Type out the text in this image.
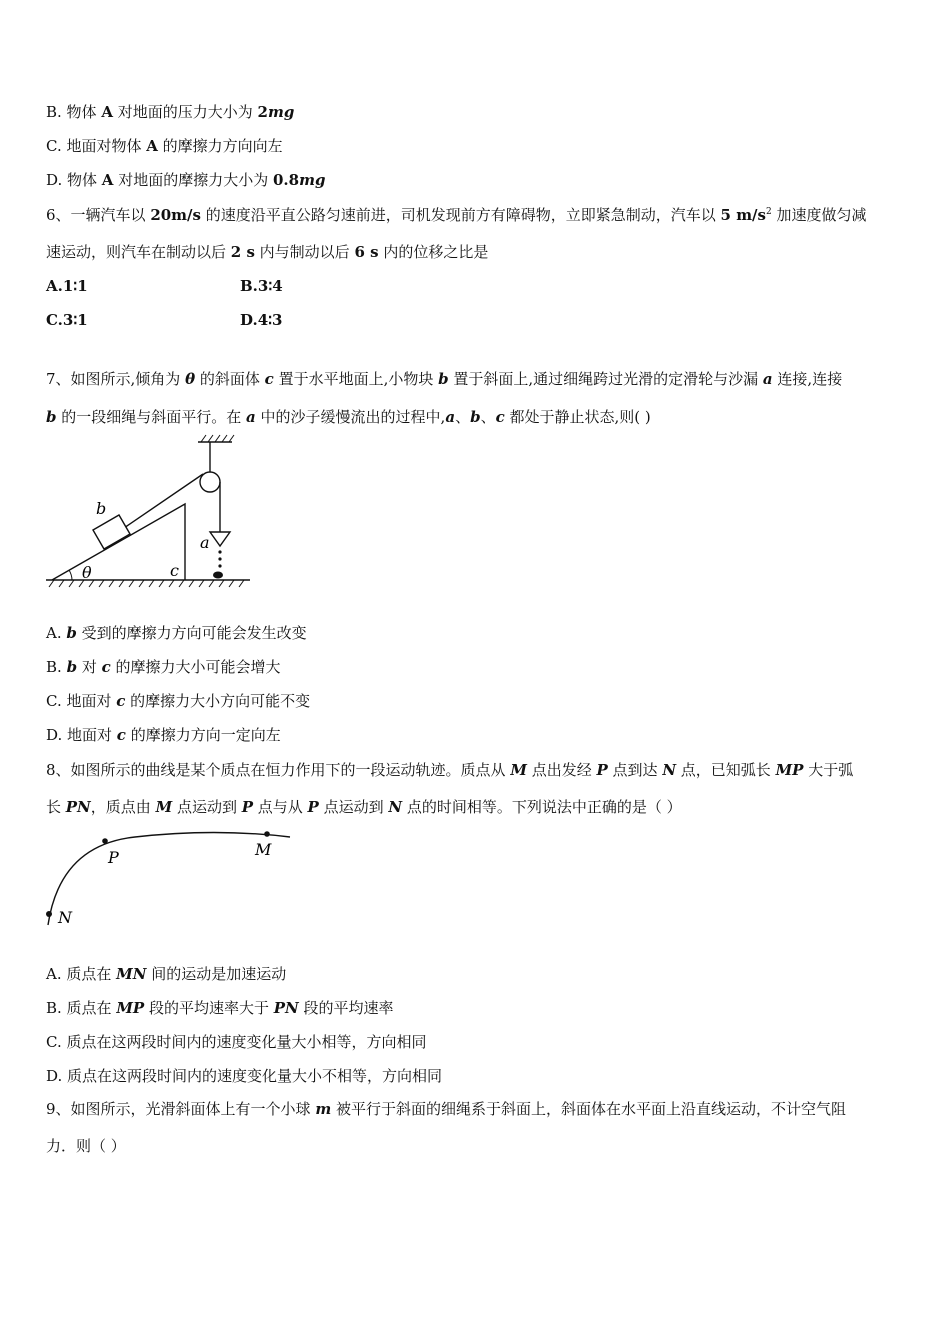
B. 物体 A 对地面的压力大小为 2mg
C. 地面对物体 A 的摩擦力方向向左
D. 物体 A 对地面的摩擦力大小为 0.8mg
6、一辆汽车以 20m/s 的速度沿平直公路匀速前进，司机发现前方有障碍物，立即紧急制动，汽车以 5 $m/s^2$ 加速度做匀减
速运动，则汽车在制动以后 2 s 内与制动以后 6 s 内的位移之比是
A.1∶1	B.3∶4
C.3∶1	D.4∶3
7、如图所示,倾角为 θ 的斜面体 c 置于水平地面上,小物块 b 置于斜面上,通过细绳跨过光滑的定滑轮与沙漏 a 连接,连接
b 的一段细绳与斜面平行。在 a 中的沙子缓慢流出的过程中,a、b、c 都处于静止状态,则( )
b
a
θ	c
A. b 受到的摩擦力方向可能会发生改变
B. b 对 c 的摩擦力大小可能会增大
C. 地面对 c 的摩擦力大小方向可能不变
D. 地面对 c 的摩擦力方向一定向左
8、如图所示的曲线是某个质点在恒力作用下的一段运动轨迹。质点从 M 点出发经 P 点到达 N 点，已知弧长 MP 大于弧
长 PN，质点由 M 点运动到 P 点与从 P 点运动到 N 点的时间相等。下列说法中正确的是（ ）
P	M
N
A. 质点在 MN 间的运动是加速运动
B. 质点在 MP 段的平均速率大于 PN 段的平均速率
C. 质点在这两段时间内的速度变化量大小相等，方向相同
D. 质点在这两段时间内的速度变化量大小不相等，方向相同
9、如图所示，光滑斜面体上有一个小球 m 被平行于斜面的细绳系于斜面上，斜面体在水平面上沿直线运动，不计空气阻
力．则（ ）
